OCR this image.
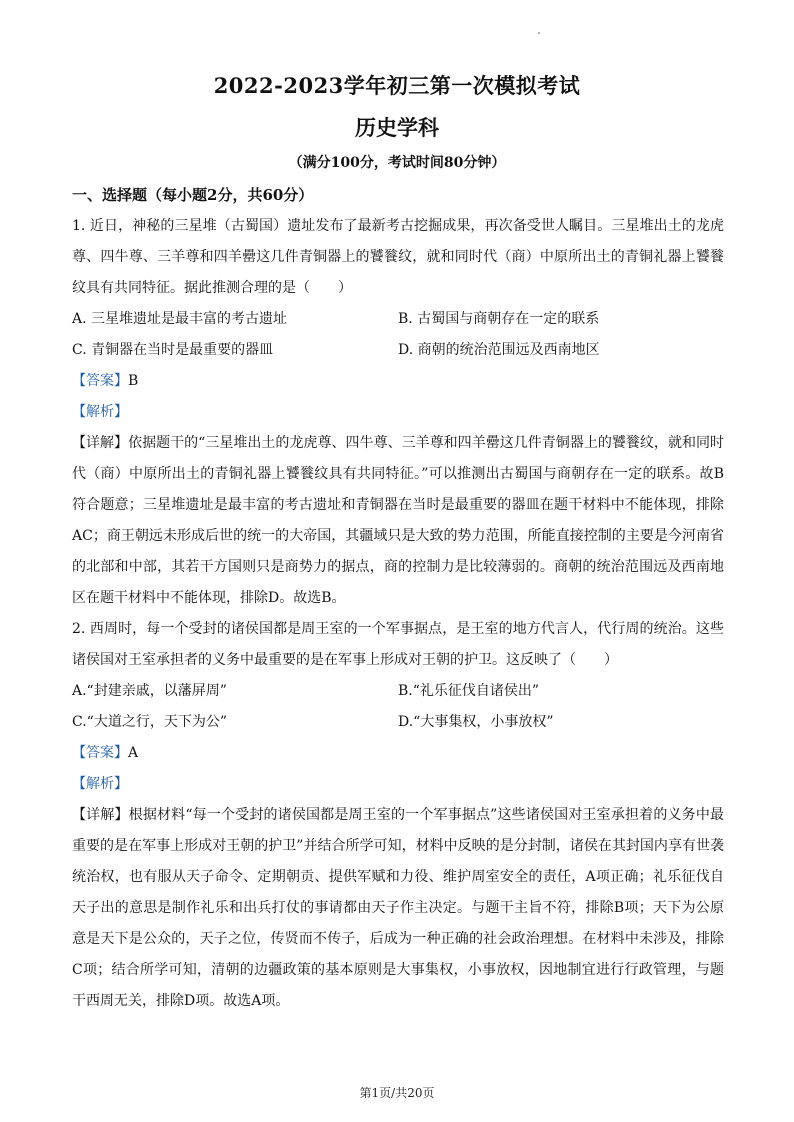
2022-2023学年初三第一次模拟考试
历史学科
（满分100分，考试时间80分钟）
一、选择题（每小题2分，共60分）

1. 近日，神秘的三星堆（古蜀国）遗址发布了最新考古挖掘成果，再次备受世人瞩目。三星堆出土的龙虎尊、四牛尊、三羊尊和四羊罍这几件青铜器上的饕餮纹，就和同时代（商）中原所出土的青铜礼器上饕餮纹具有共同特征。据此推测合理的是（　　）

A. 三星堆遗址是最丰富的考古遗址	B. 古蜀国与商朝存在一定的联系
C. 青铜器在当时是最重要的器皿	D. 商朝的统治范围远及西南地区
【答案】B
【解析】

【详解】依据题干的“三星堆出土的龙虎尊、四牛尊、三羊尊和四羊罍这几件青铜器上的饕餮纹，就和同时代（商）中原所出土的青铜礼器上饕餮纹具有共同特征。”可以推测出古蜀国与商朝存在一定的联系。故B符合题意；三星堆遗址是最丰富的考古遗址和青铜器在当时是最重要的器皿在题干材料中不能体现，排除AC；商王朝远未形成后世的统一的大帝国，其疆域只是大致的势力范围，所能直接控制的主要是今河南省的北部和中部，其若干方国则只是商势力的据点，商的控制力是比较薄弱的。商朝的统治范围远及西南地区在题干材料中不能体现，排除D。故选B。

2. 西周时，每一个受封的诸侯国都是周王室的一个军事据点，是王室的地方代言人，代行周的统治。这些诸侯国对王室承担者的义务中最重要的是在军事上形成对王朝的护卫。这反映了（　　）

A.“封建亲戚，以藩屏周”	B.“礼乐征伐自诸侯出”
C.“大道之行，天下为公”	D.“大事集权，小事放权”
【答案】A
【解析】

【详解】根据材料“每一个受封的诸侯国都是周王室的一个军事据点”这些诸侯国对王室承担着的义务中最重要的是在军事上形成对王朝的护卫”并结合所学可知，材料中反映的是分封制，诸侯在其封国内享有世袭统治权，也有服从天子命令、定期朝贡、提供军赋和力役、维护周室安全的责任，A项正确；礼乐征伐自天子出的意思是制作礼乐和出兵打仗的事请都由天子作主决定。与题干主旨不符，排除B项；天下为公原意是天下是公众的，天子之位，传贤而不传子，后成为一种正确的社会政治理想。在材料中未涉及，排除C项；结合所学可知，清朝的边疆政策的基本原则是大事集权，小事放权，因地制宜进行行政管理，与题干西周无关，排除D项。故选A项。

第1页/共20页
